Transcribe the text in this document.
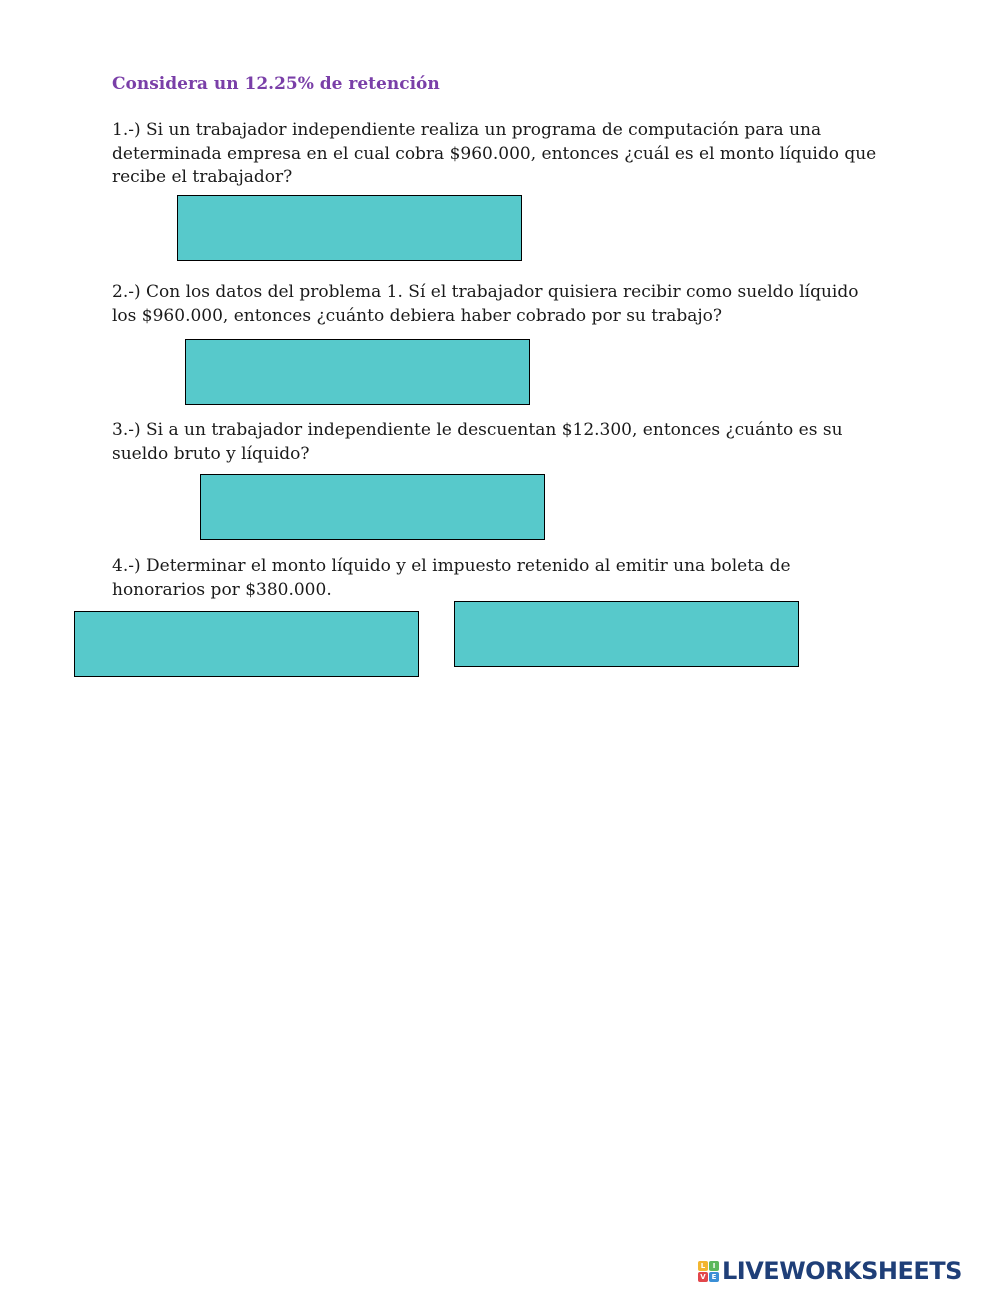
Considera un 12.25% de retención
1.-) Si un trabajador independiente realiza un programa de computación para una determinada empresa en el cual cobra $960.000, entonces ¿cuál es el monto líquido que recibe el trabajador?
2.-) Con los datos del problema 1. Sí el trabajador quisiera recibir como sueldo líquido los $960.000, entonces ¿cuánto debiera haber cobrado por su trabajo?
3.-) Si a un trabajador independiente le descuentan $12.300, entonces ¿cuánto es su sueldo bruto y líquido?
4.-) Determinar el monto líquido y el impuesto retenido al emitir una boleta de honorarios por $380.000.
L	I
V E LIVEWORKSHEETS
